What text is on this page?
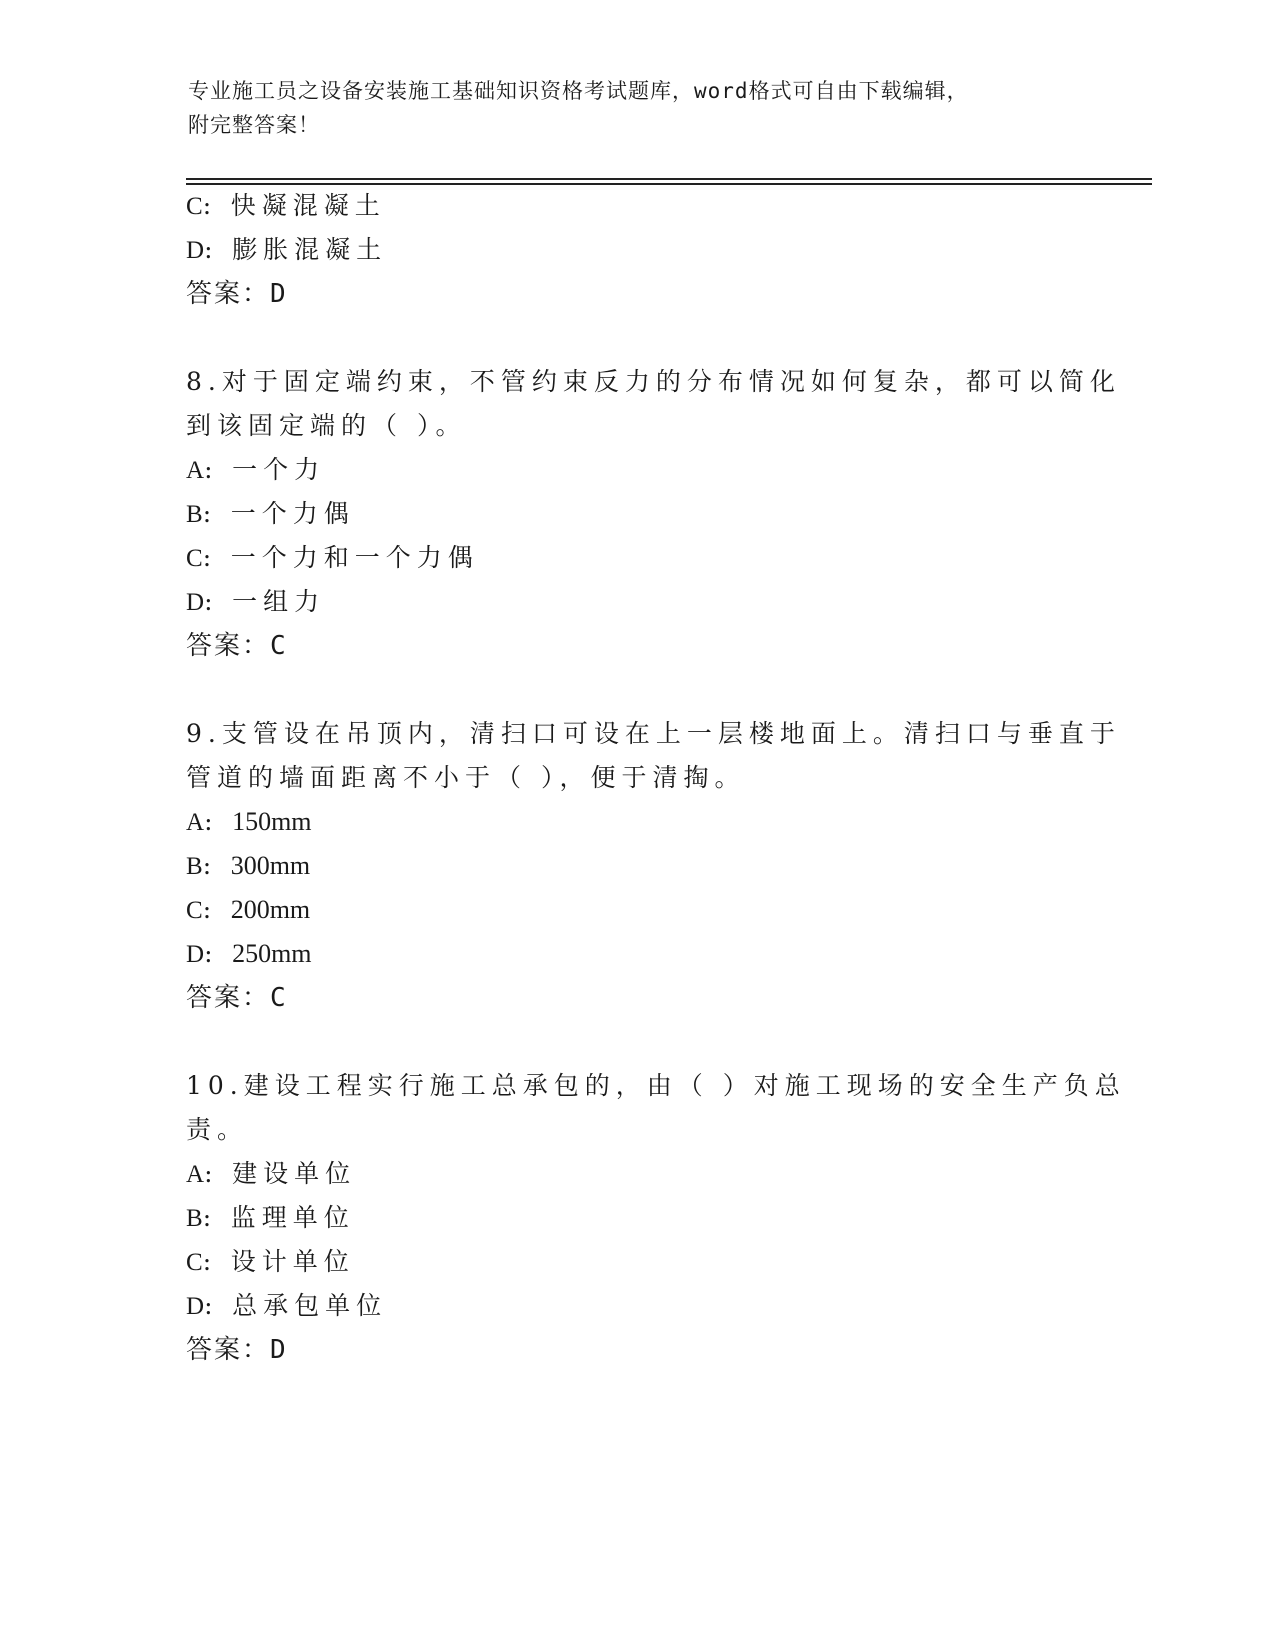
专业施工员之设备安装施工基础知识资格考试题库，word格式可自由下载编辑，
附完整答案！
C: 快凝混凝土
D: 膨胀混凝土
答案：D
8.对于固定端约束，不管约束反力的分布情况如何复杂，都可以简化
到该固定端的（ ）。
A: 一个力
B: 一个力偶
C: 一个力和一个力偶
D: 一组力
答案：C
9.支管设在吊顶内，清扫口可设在上一层楼地面上。清扫口与垂直于
管道的墙面距离不小于（ ），便于清掏。
A: 150mm
B: 300mm
C: 200mm
D: 250mm
答案：C
10.建设工程实行施工总承包的，由（ ）对施工现场的安全生产负总
责。
A: 建设单位
B: 监理单位
C: 设计单位
D: 总承包单位
答案：D
